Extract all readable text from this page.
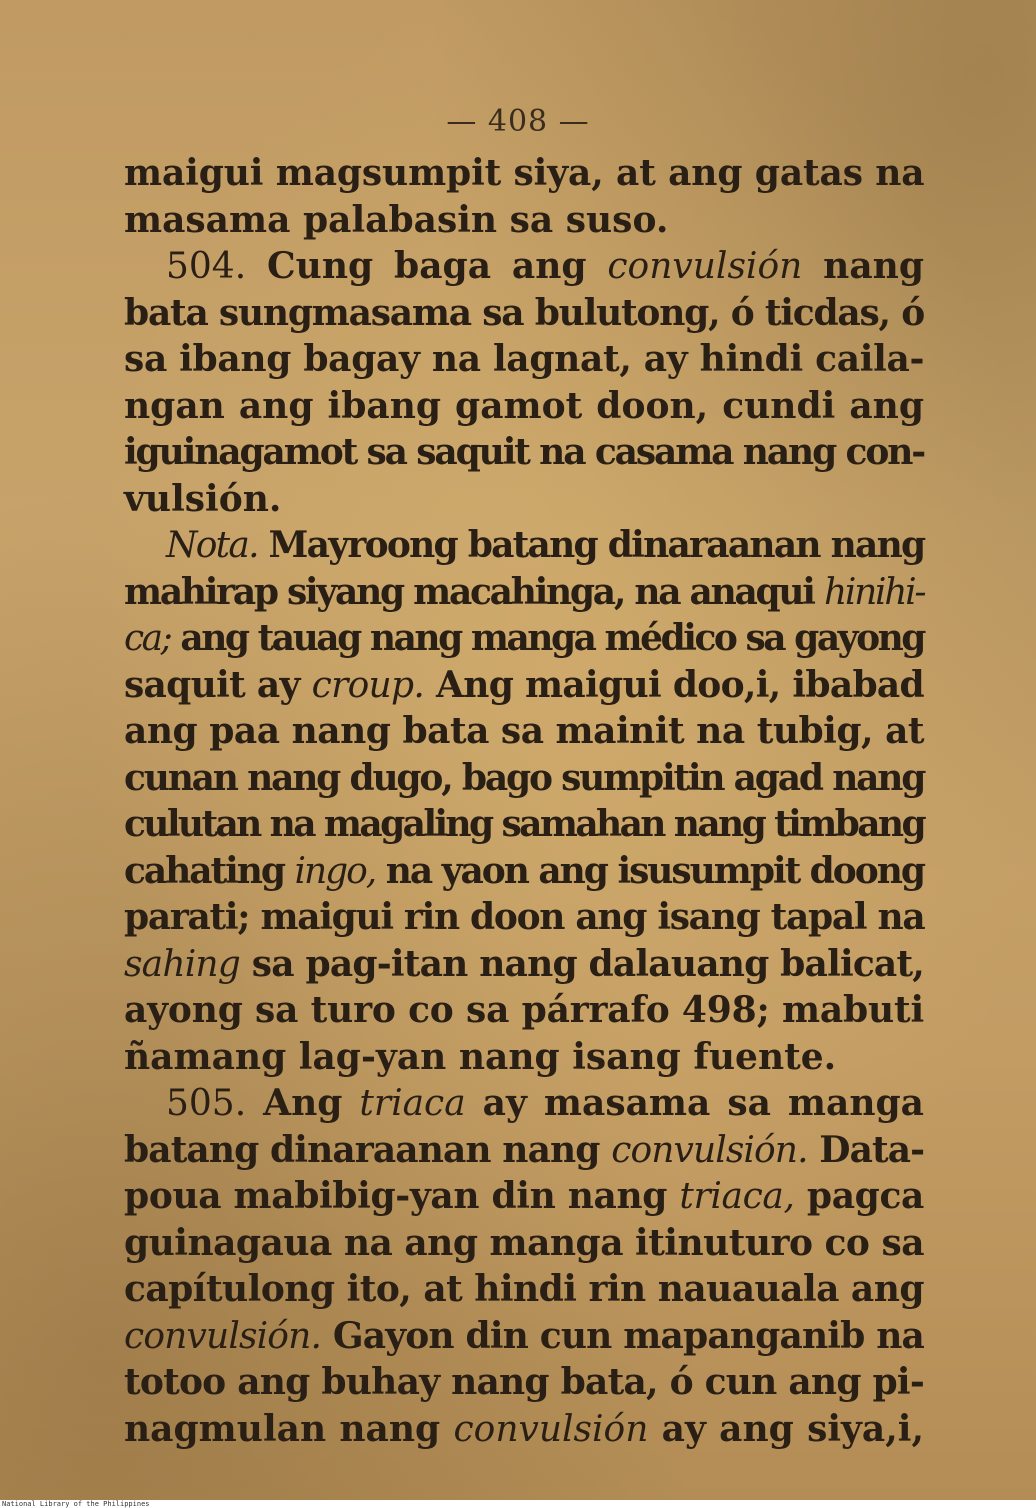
— 408 —
maigui magsumpit siya, at ang gatas na
masama palabasin sa suso.
504. Cung baga ang convulsión nang
bata sungmasama sa bulutong, ó ticdas, ó
sa ibang bagay na lagnat, ay hindi caila-
ngan ang ibang gamot doon, cundi ang
iguinagamot sa saquit na casama nang con-
vulsión.
Nota. Mayroong batang dinaraanan nang
mahirap siyang macahinga, na anaqui hinihi-
ca; ang tauag nang manga médico sa gayong
saquit ay croup. Ang maigui doo,i, ibabad
ang paa nang bata sa mainit na tubig, at
cunan nang dugo, bago sumpitin agad nang
culutan na magaling samahan nang timbang
cahating ingo, na yaon ang isusumpit doong
parati; maigui rin doon ang isang tapal na
sahing sa pag-itan nang dalauang balicat,
ayong sa turo co sa párrafo 498; mabuti
ñamang lag-yan nang isang fuente.
505. Ang triaca ay masama sa manga
batang dinaraanan nang convulsión. Data-
poua mabibig-yan din nang triaca, pagca
guinagaua na ang manga itinuturo co sa
capítulong ito, at hindi rin nauauala ang
convulsión. Gayon din cun mapanganib na
totoo ang buhay nang bata, ó cun ang pi-
nagmulan nang convulsión ay ang siya,i,
National Library of the Philippines
